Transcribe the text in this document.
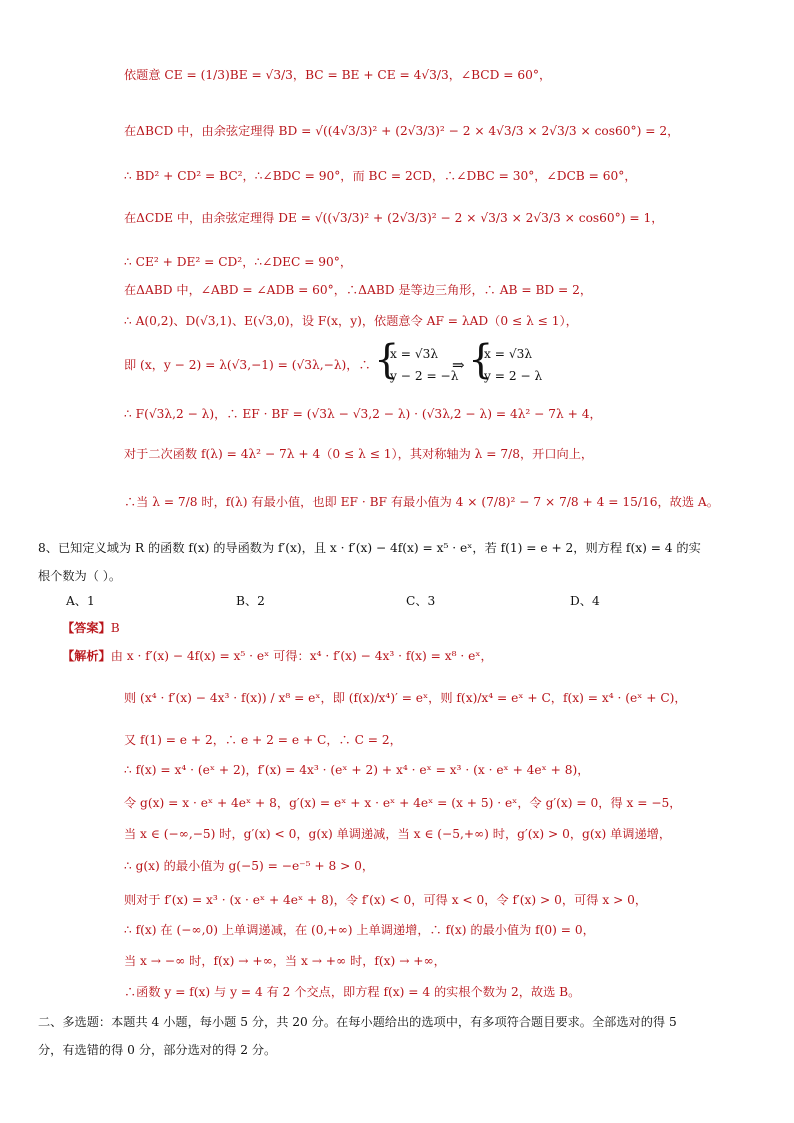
依题意 CE = (1/3)BE = √3/3，BC = BE + CE = 4√3/3，∠BCD = 60°，
在ΔBCD 中，由余弦定理得 BD = √((4√3/3)² + (2√3/3)² − 2 × 4√3/3 × 2√3/3 × cos60°) = 2，
∴ BD² + CD² = BC²，∴∠BDC = 90°，而 BC = 2CD，∴∠DBC = 30°，∠DCB = 60°，
在ΔCDE 中，由余弦定理得 DE = √((√3/3)² + (2√3/3)² − 2 × √3/3 × 2√3/3 × cos60°) = 1，
∴ CE² + DE² = CD²，∴∠DEC = 90°，
在ΔABD 中，∠ABD = ∠ADB = 60°，∴ΔABD 是等边三角形，∴ AB = BD = 2，
∴ A(0,2)、D(√3,1)、E(√3,0)，设 F(x，y)，依题意令 AF = λAD（0 ≤ λ ≤ 1），
即 (x，y − 2) = λ(√3,−1) = (√3λ,−λ)，∴ {
x = √3λ
y − 2 = −λ
⇒ {
x = √3λ
y = 2 − λ
∴ F(√3λ,2 − λ)，∴ EF · BF = (√3λ − √3,2 − λ) · (√3λ,2 − λ) = 4λ² − 7λ + 4，
对于二次函数 f(λ) = 4λ² − 7λ + 4（0 ≤ λ ≤ 1），其对称轴为 λ = 7/8，开口向上，
∴当 λ = 7/8 时，f(λ) 有最小值，也即 EF · BF 有最小值为 4 × (7/8)² − 7 × 7/8 + 4 = 15/16，故选 A。
8、已知定义域为 R 的函数 f(x) 的导函数为 f′(x)，且 x · f′(x) − 4f(x) = x⁵ · eˣ，若 f(1) = e + 2，则方程 f(x) = 4 的实
根个数为（ ）。
A、1	B、2	C、3	D、4
【答案】B
【解析】由 x · f′(x) − 4f(x) = x⁵ · eˣ 可得：x⁴ · f′(x) − 4x³ · f(x) = x⁸ · eˣ，
则 (x⁴ · f′(x) − 4x³ · f(x)) / x⁸ = eˣ，即 (f(x)/x⁴)′ = eˣ，则 f(x)/x⁴ = eˣ + C，f(x) = x⁴ · (eˣ + C)，
又 f(1) = e + 2，∴ e + 2 = e + C，∴ C = 2，
∴ f(x) = x⁴ · (eˣ + 2)，f′(x) = 4x³ · (eˣ + 2) + x⁴ · eˣ = x³ · (x · eˣ + 4eˣ + 8)，
令 g(x) = x · eˣ + 4eˣ + 8，g′(x) = eˣ + x · eˣ + 4eˣ = (x + 5) · eˣ，令 g′(x) = 0，得 x = −5，
当 x ∈ (−∞,−5) 时，g′(x) < 0，g(x) 单调递减，当 x ∈ (−5,+∞) 时，g′(x) > 0，g(x) 单调递增，
∴ g(x) 的最小值为 g(−5) = −e⁻⁵ + 8 > 0，
则对于 f′(x) = x³ · (x · eˣ + 4eˣ + 8)，令 f′(x) < 0，可得 x < 0，令 f′(x) > 0，可得 x > 0，
∴ f(x) 在 (−∞,0) 上单调递减，在 (0,+∞) 上单调递增，∴ f(x) 的最小值为 f(0) = 0，
当 x → −∞ 时，f(x) → +∞，当 x → +∞ 时，f(x) → +∞，
∴函数 y = f(x) 与 y = 4 有 2 个交点，即方程 f(x) = 4 的实根个数为 2，故选 B。
二、多选题：本题共 4 小题，每小题 5 分，共 20 分。在每小题给出的选项中，有多项符合题目要求。全部选对的得 5
分，有选错的得 0 分，部分选对的得 2 分。
